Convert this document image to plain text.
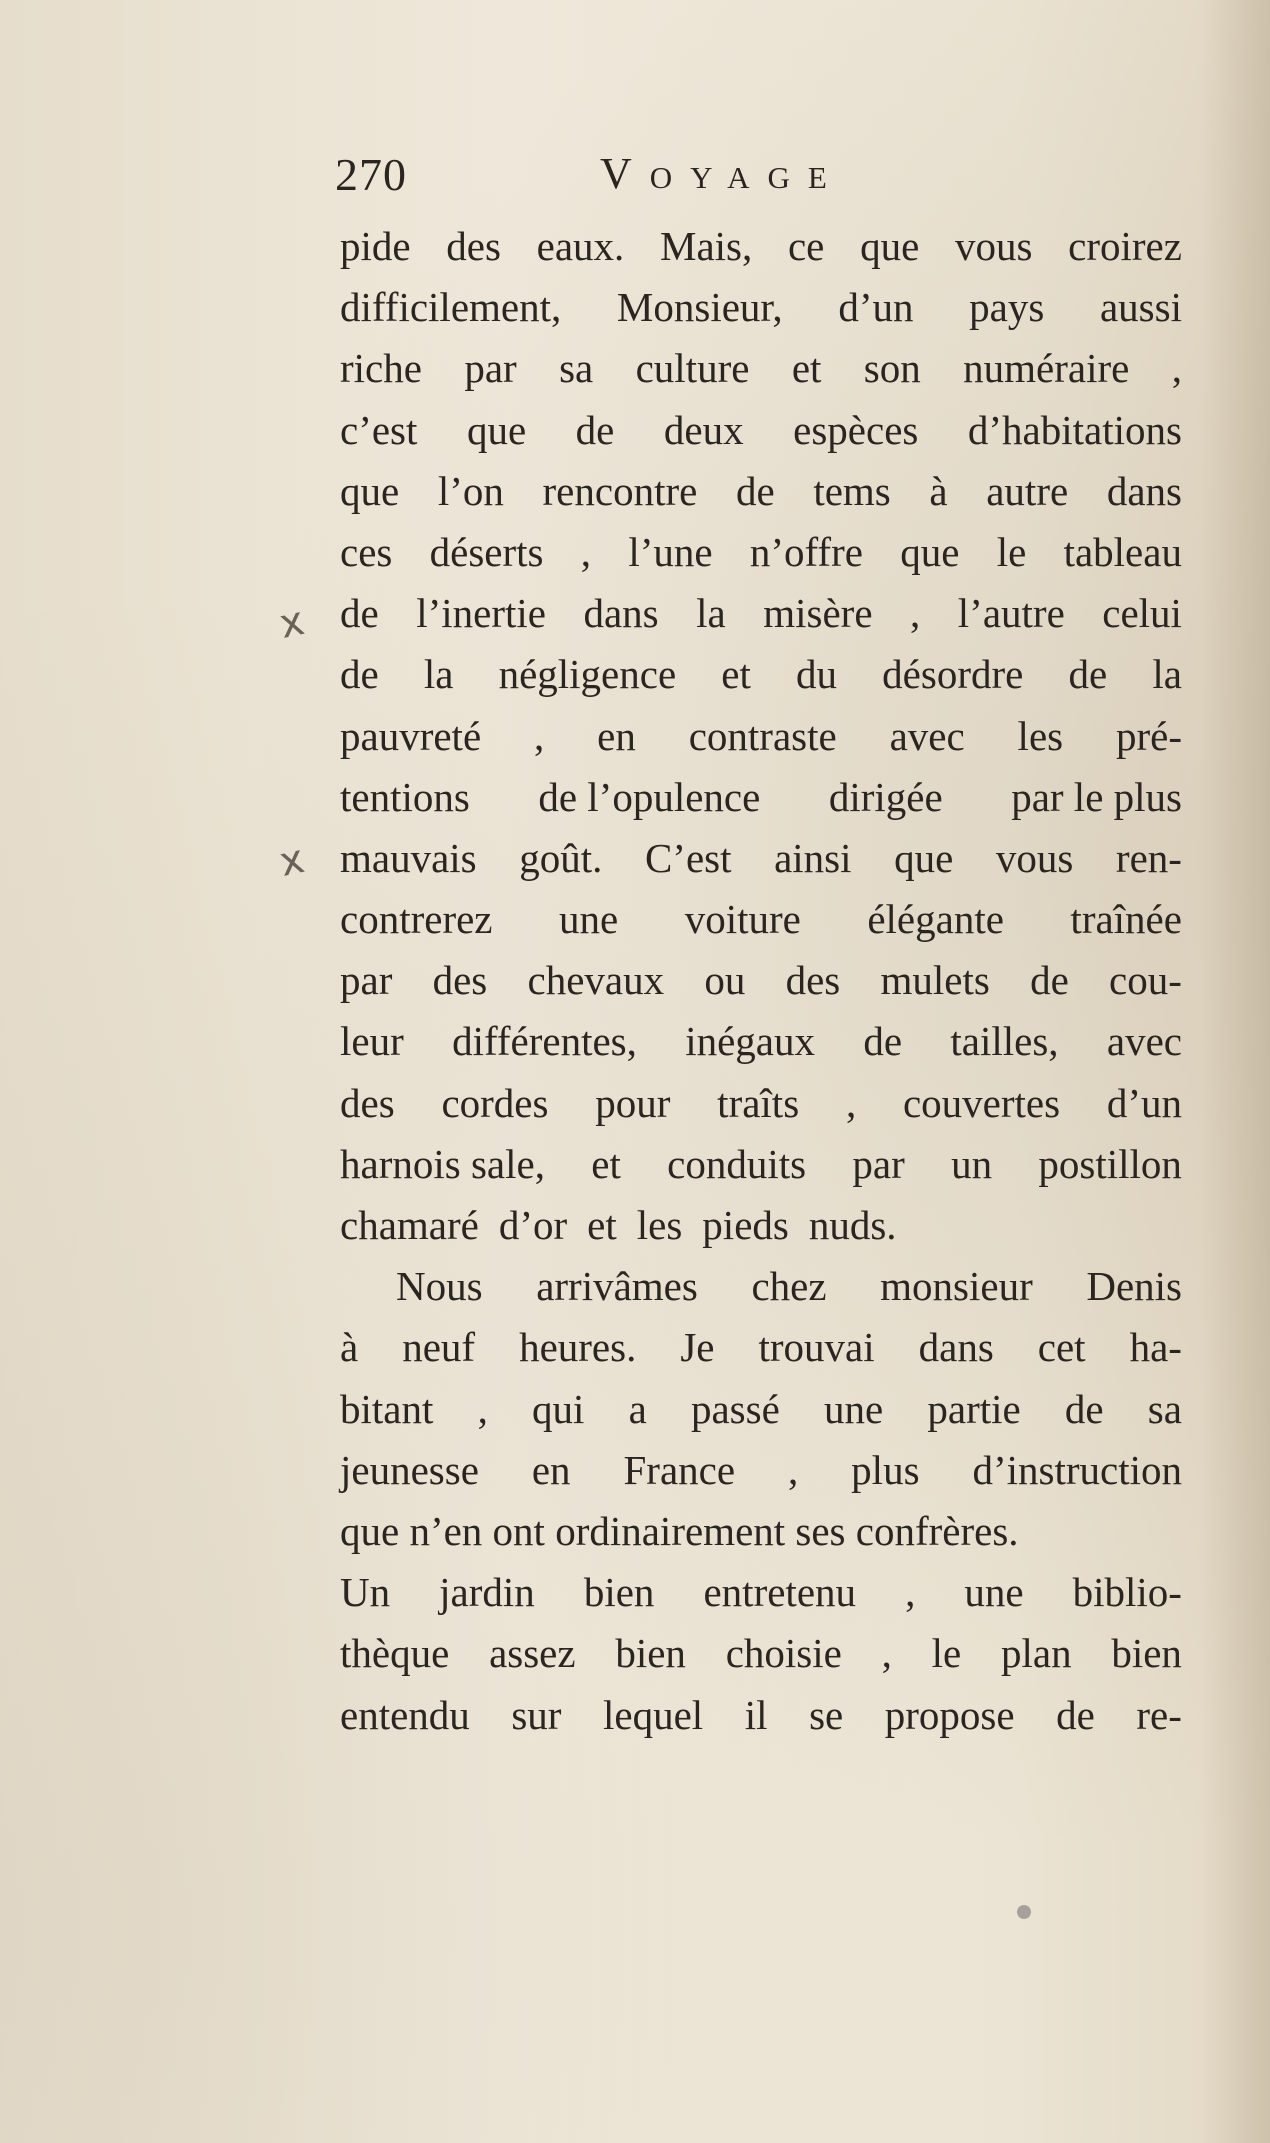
270	Voyage
x
x
pide des eaux. Mais, ce que vous croirez
difficilement, Monsieur, d’un pays aussi
riche par sa culture et son numéraire ,
c’est que de deux espèces d’habitations
que l’on rencontre de tems à autre dans
ces déserts , l’une n’offre que le tableau
de l’inertie dans la misère , l’autre celui
de la négligence et du désordre de la
pauvreté , en contraste avec les pré-
tentions de l’opulence dirigée par le plus
mauvais goût. C’est ainsi que vous ren-
contrerez une voiture élégante traînée
par des chevaux ou des mulets de cou-
leur différentes, inégaux de tailles, avec
des cordes pour traîts , couvertes d’un
harnois sale, et conduits par un postillon
chamaré d’or et les pieds nuds.
Nous arrivâmes chez monsieur Denis
à neuf heures. Je trouvai dans cet ha-
bitant , qui a passé une partie de sa
jeunesse en France , plus d’instruction
que n’en ont ordinairement ses confrères.
Un jardin bien entretenu , une biblio-
thèque assez bien choisie , le plan bien
entendu sur lequel il se propose de re-
